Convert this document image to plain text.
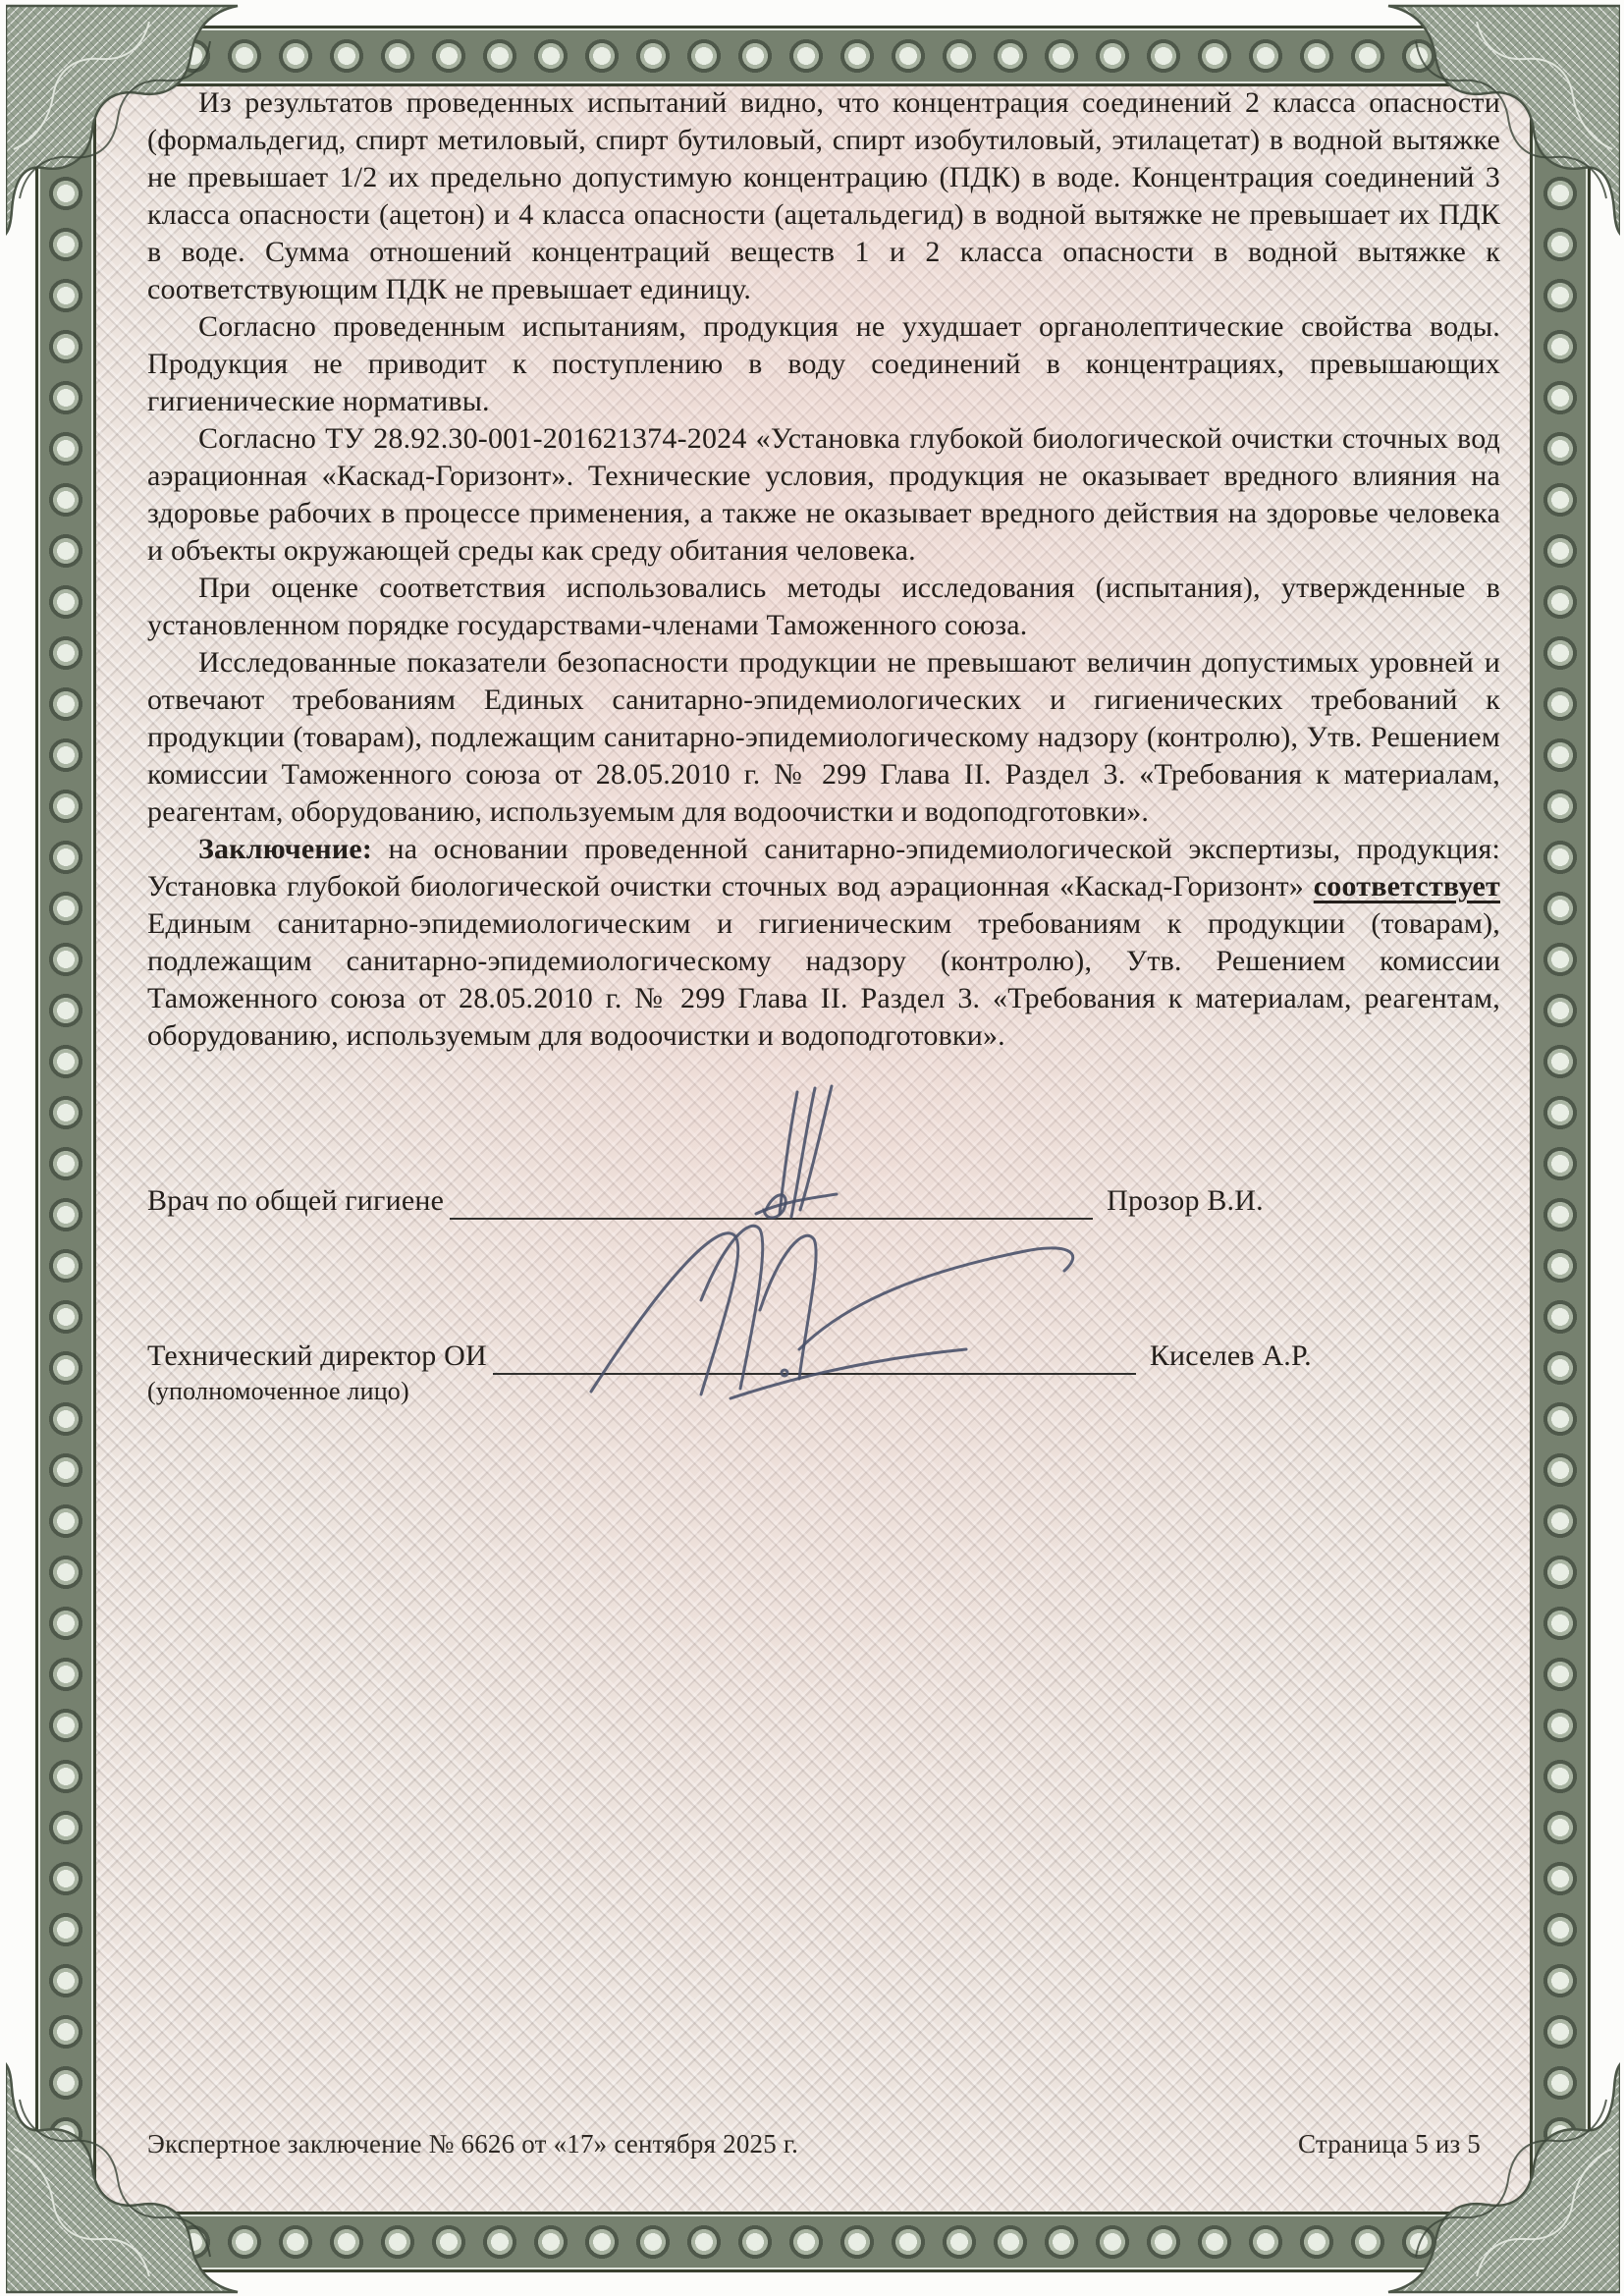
Из результатов проведенных испытаний видно, что концентрация соединений 2 класса опасности (формальдегид, спирт метиловый, спирт бутиловый, спирт изобутиловый, этилацетат) в водной вытяжке не превышает 1/2 их предельно допустимую концентрацию (ПДК) в воде. Концентрация соединений 3 класса опасности (ацетон) и 4 класса опасности (ацетальдегид) в водной вытяжке не превышает их ПДК в воде. Сумма отношений концентраций веществ 1 и 2 класса опасности в водной вытяжке к соответствующим ПДК не превышает единицу.

Согласно проведенным испытаниям, продукция не ухудшает органолептические свойства воды. Продукция не приводит к поступлению в воду соединений в концентрациях, превышающих гигиенические нормативы.

Согласно ТУ 28.92.30-001-201621374-2024 «Установка глубокой биологической очистки сточных вод аэрационная «Каскад-Горизонт». Технические условия, продукция не оказывает вредного влияния на здоровье рабочих в процессе применения, а также не оказывает вредного действия на здоровье человека и объекты окружающей среды как среду обитания человека.

При оценке соответствия использовались методы исследования (испытания), утвержденные в установленном порядке государствами-членами Таможенного союза.

Исследованные показатели безопасности продукции не превышают величин допустимых уровней и отвечают требованиям Единых санитарно-эпидемиологических и гигиенических требований к продукции (товарам), подлежащим санитарно-эпидемиологическому надзору (контролю), Утв. Решением комиссии Таможенного союза от 28.05.2010 г. № 299 Глава II. Раздел 3. «Требования к материалам, реагентам, оборудованию, используемым для водоочистки и водоподготовки».

Заключение: на основании проведенной санитарно-эпидемиологической экспертизы, продукция: Установка глубокой биологической очистки сточных вод аэрационная «Каскад-Горизонт» соответствует Единым санитарно-эпидемиологическим и гигиеническим требованиям к продукции (товарам), подлежащим санитарно-эпидемиологическому надзору (контролю), Утв. Решением комиссии Таможенного союза от 28.05.2010 г. № 299 Глава II. Раздел 3. «Требования к материалам, реагентам, оборудованию, используемым для водоочистки и водоподготовки».

Врач по общей гигиене	Прозор В.И.
Технический директор ОИ	Киселев А.Р.
(уполномоченное лицо)
Экспертное заключение № 6626 от «17» сентября 2025 г.	Страница 5 из 5
